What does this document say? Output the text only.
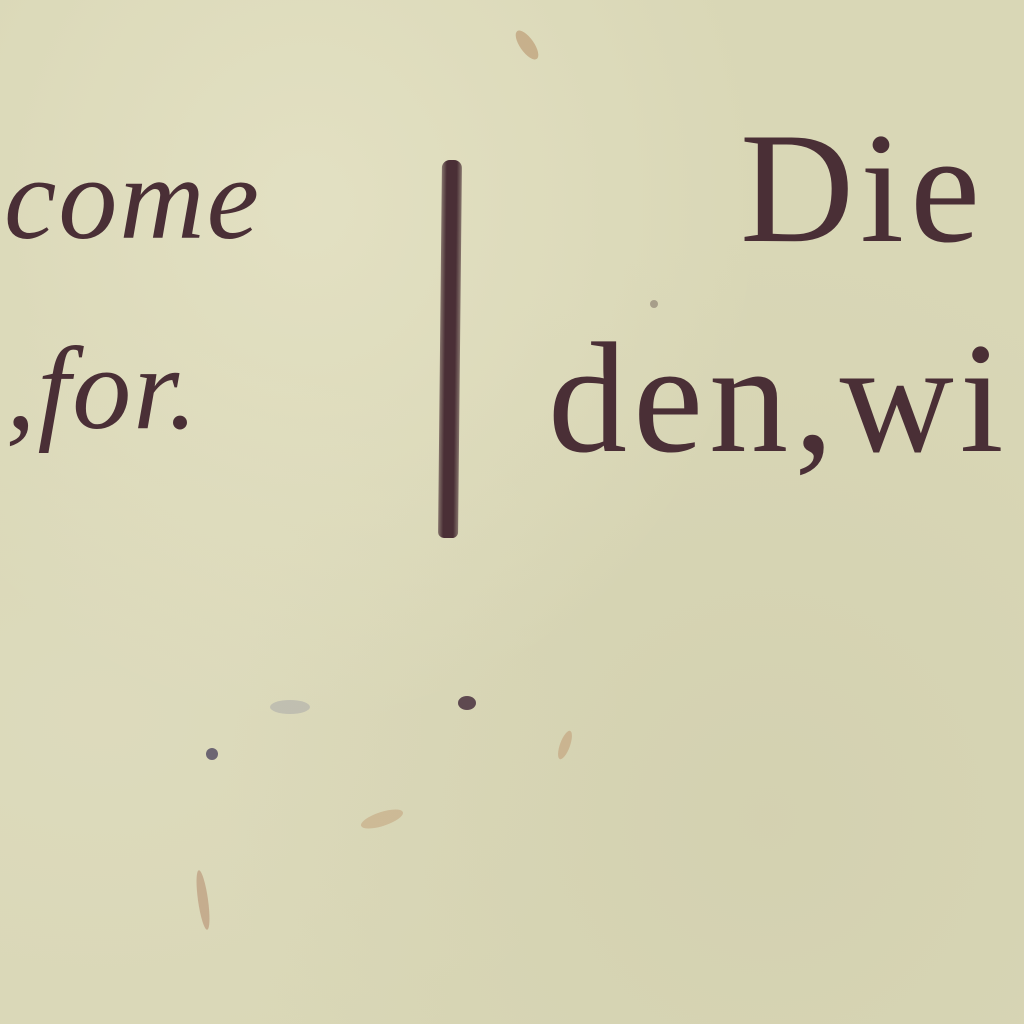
come
,for.
Die
den,wi
